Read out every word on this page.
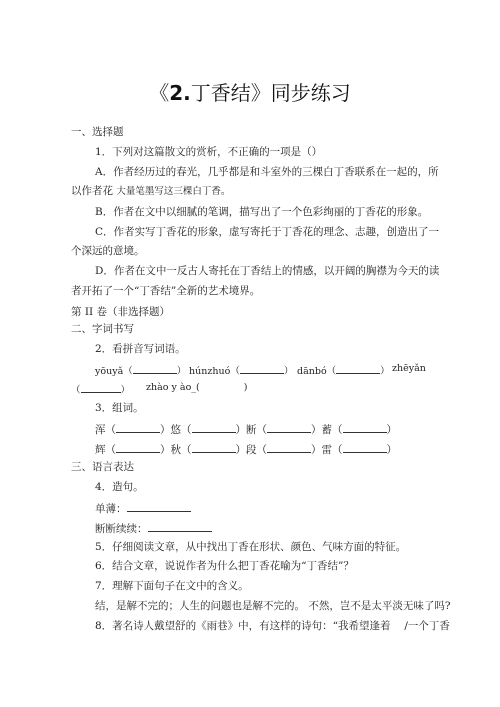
《2.丁香结》同步练习
一、选择题
1．下列对这篇散文的赏析，不正确的一项是（）
A．作者经历过的春光，几乎都是和斗室外的三棵白丁香联系在一起的，所
以作者花 大量笔墨写这三棵白丁香。
B．作者在文中以细腻的笔调，描写出了一个色彩绚丽的丁香花的形象。
C．作者实写丁香花的形象，虚写寄托于丁香花的理念、志趣，创造出了一
个深远的意境。
D．作者在文中一反古人寄托在丁香结上的情感，以开阔的胸襟为今天的读
者开拓了一个“丁香结”全新的艺术境界。
第 II 卷（非选择题）
二、字词书写
2．看拼音写词语。
yōuyǎ（	） húnzhuó（	） dānbó（	） zhēyǎn
（	） zhào y ào_(	)
3．组词。
浑（	）悠（	）断（	）蓄（	）
辉（	）秋（	）段（	）雷（	）
三、语言表达
4．造句。
单薄：
断断续续：
5．仔细阅读文章，从中找出丁香在形状、颜色、气味方面的特征。
6．结合文章，说说作者为什么把丁香花喻为“丁香结”？
7．理解下面句子在文中的含义。
结，是解不完的；人生的问题也是解不完的。 不然，岂不是太平淡无味了吗?
8．著名诗人戴望舒的《雨巷》中，有这样的诗句：“我希望逢着　 /一个丁香
